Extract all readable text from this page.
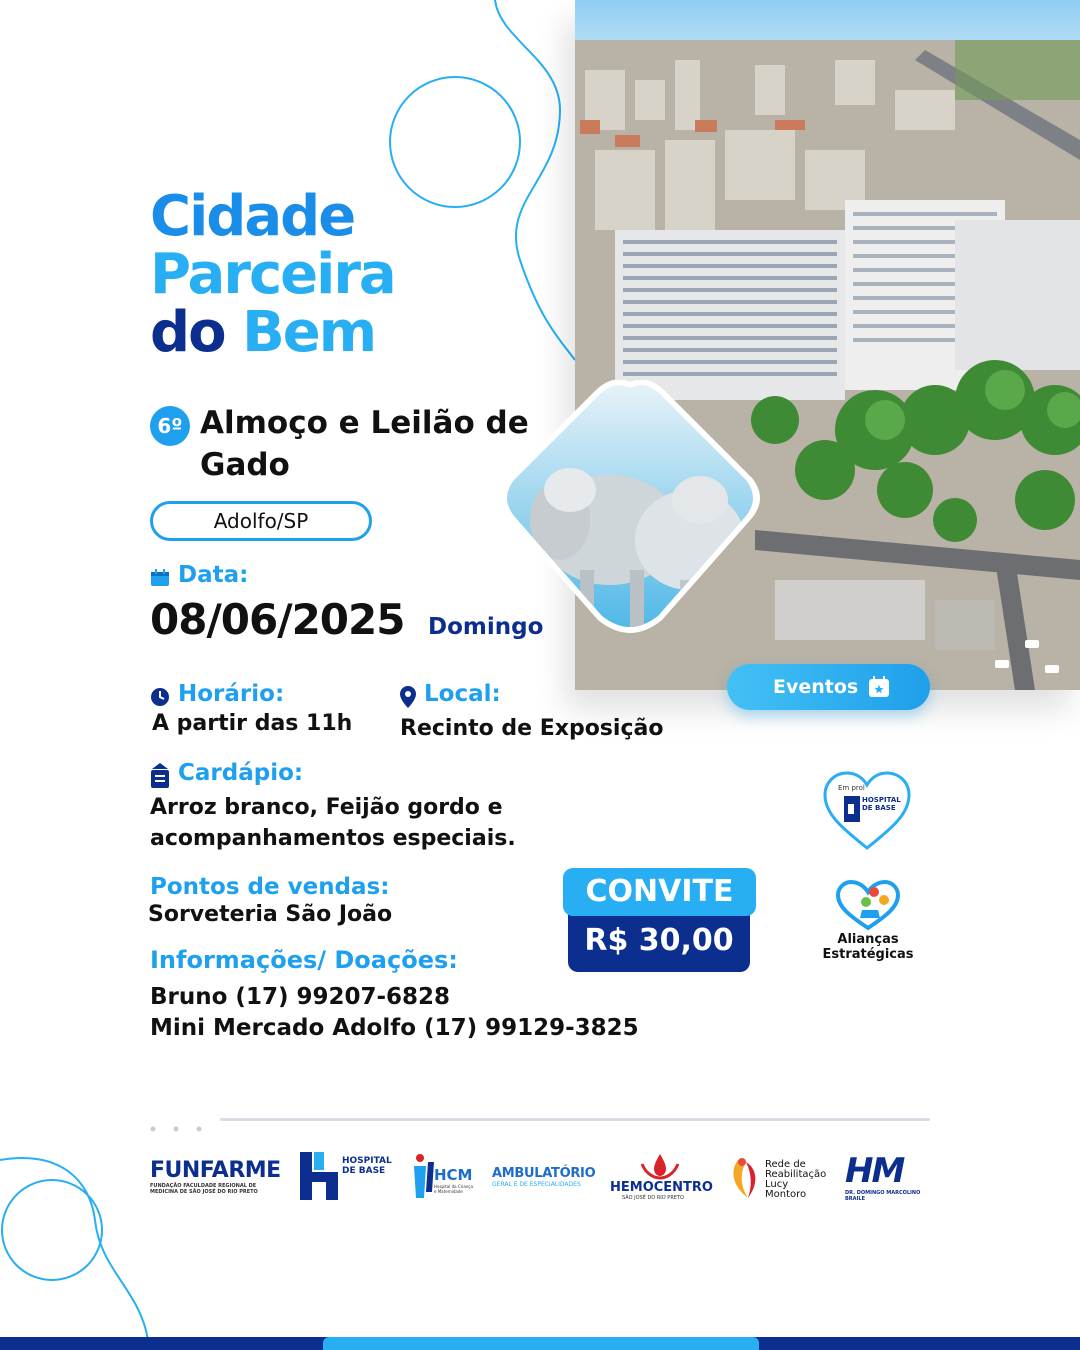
Cidade
Parceira
do Bem
6º Almoço e Leilão de Gado
Adolfo/SP
Data:
08/06/2025 Domingo
Horário:
A partir das 11h
Local:
Recinto de Exposição
Cardápio:
Arroz branco, Feijão gordo e acompanhamentos especiais.
Pontos de vendas:
Sorveteria São João
Informações/ Doações:
Bruno (17) 99207-6828
Mini Mercado Adolfo (17) 99129-3825
R$ 30,00
CONVITE
Eventos
Em prol
HOSPITAL DE BASE
Alianças Estratégicas
FUNFARME
FUNDAÇÃO FACULDADE REGIONAL DE MEDICINA DE SÃO JOSÉ DO RIO PRETO
HOSPITAL DE BASE	HCM
Hospital da Criança e Maternidade
AMBULATÓRIO
GERAL E DE ESPECIALIDADES	HEMOCENTRO
SÃO JOSÉ DO RIO PRETO
Rede de Reabilitação Lucy Montoro
HM
DR. DOMINGO MARCOLINO BRAILE
